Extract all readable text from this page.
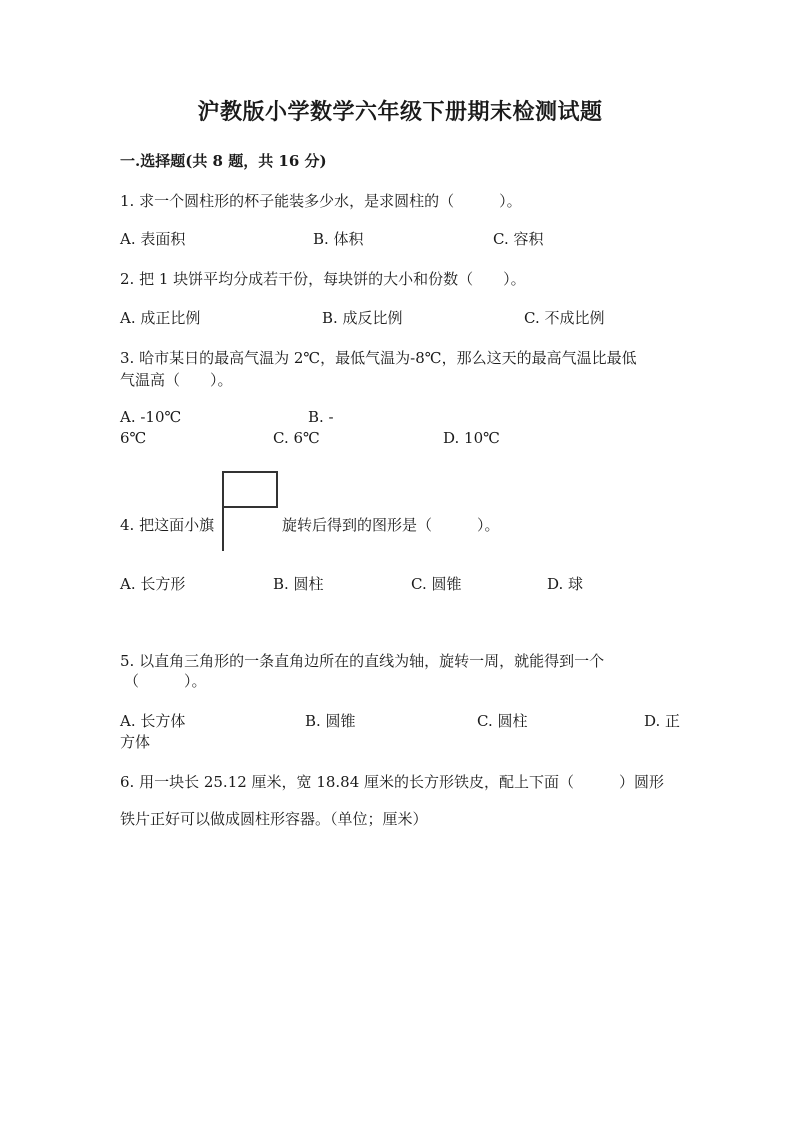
沪教版小学数学六年级下册期末检测试题
一.选择题(共 8 题，共 16 分)
1. 求一个圆柱形的杯子能装多少水，是求圆柱的（　　　）。
A. 表面积	B. 体积	C. 容积
2. 把 1 块饼平均分成若干份，每块饼的大小和份数（　　）。
A. 成正比例	B. 成反比例	C. 不成比例
3. 哈市某日的最高气温为 2℃，最低气温为-8℃，那么这天的最高气温比最低
气温高（　　）。
A. -10℃	B. -
6℃	C. 6℃	D. 10℃
4. 把这面小旗	旋转后得到的图形是（　　　）。
A. 长方形	B. 圆柱	C. 圆锥	D. 球
5. 以直角三角形的一条直角边所在的直线为轴，旋转一周，就能得到一个
（　　　）。
A. 长方体	B. 圆锥	C. 圆柱	D. 正
方体
6. 用一块长 25.12 厘米，宽 18.84 厘米的长方形铁皮，配上下面（　　　）圆形
铁片正好可以做成圆柱形容器。（单位；厘米）
